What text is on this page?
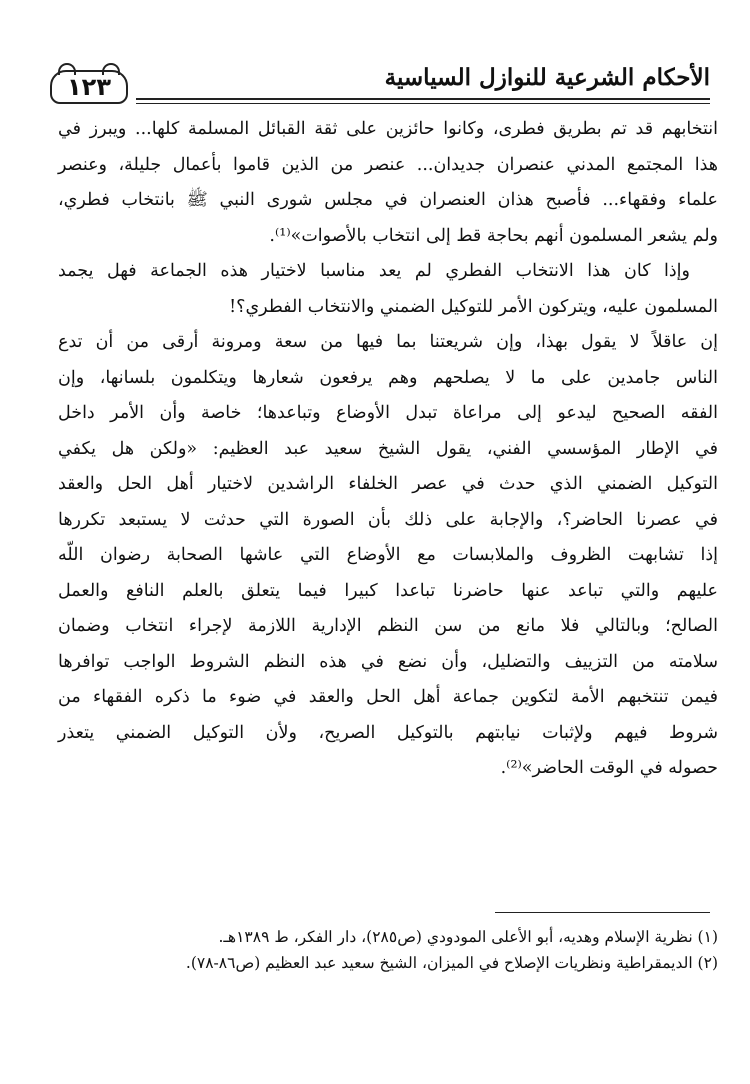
١٢٣	الأحكام الشرعية للنوازل السياسية
انتخابهم قد تم بطريق فطرى، وكانوا حائزين على ثقة القبائل المسلمة كلها... ويبرز في
هذا المجتمع المدني عنصران جديدان... عنصر من الذين قاموا بأعمال جليلة، وعنصر
علماء وفقهاء... فأصبح هذان العنصران في مجلس شورى النبي ﷺ بانتخاب فطري،
ولم يشعر المسلمون أنهم بحاجة قط إلى انتخاب بالأصوات»⁽¹⁾.
وإذا كان هذا الانتخاب الفطري لم يعد مناسبا لاختيار هذه الجماعة فهل يجمد
المسلمون عليه، ويتركون الأمر للتوكيل الضمني والانتخاب الفطري؟!
إن عاقلاً لا يقول بهذا، وإن شريعتنا بما فيها من سعة ومرونة أرقى من أن تدع
الناس جامدين على ما لا يصلحهم وهم يرفعون شعارها ويتكلمون بلسانها، وإن
الفقه الصحيح لیدعو إلى مراعاة تبدل الأوضاع وتباعدها؛ خاصة وأن الأمر داخل
في الإطار المؤسسي الفني، يقول الشيخ سعيد عبد العظيم: «ولكن هل يكفي
التوكيل الضمني الذي حدث في عصر الخلفاء الراشدين لاختيار أهل الحل والعقد
في عصرنا الحاضر؟، والإجابة على ذلك بأن الصورة التي حدثت لا يستبعد تكررها
إذا تشابهت الظروف والملابسات مع الأوضاع التي عاشها الصحابة رضوان اللّه
عليهم والتي تباعد عنها حاضرنا تباعدا كبيرا فيما يتعلق بالعلم النافع والعمل
الصالح؛ وبالتالي فلا مانع من سن النظم الإدارية اللازمة لإجراء انتخاب وضمان
سلامته من التزييف والتضليل، وأن نضع في هذه النظم الشروط الواجب توافرها
فيمن تنتخبهم الأمة لتكوين جماعة أهل الحل والعقد في ضوء ما ذكره الفقهاء من
شروط فيهم ولإثبات نيابتهم بالتوكيل الصريح، ولأن التوكيل الضمني يتعذر
حصوله في الوقت الحاضر»⁽²⁾.
(١) نظرية الإسلام وهديه، أبو الأعلى المودودي (ص٢٨٥)، دار الفكر، ط ١٣٨٩هـ.
(٢) الديمقراطية ونظريات الإصلاح في الميزان، الشيخ سعيد عبد العظيم (ص٨٦-٧٨).
